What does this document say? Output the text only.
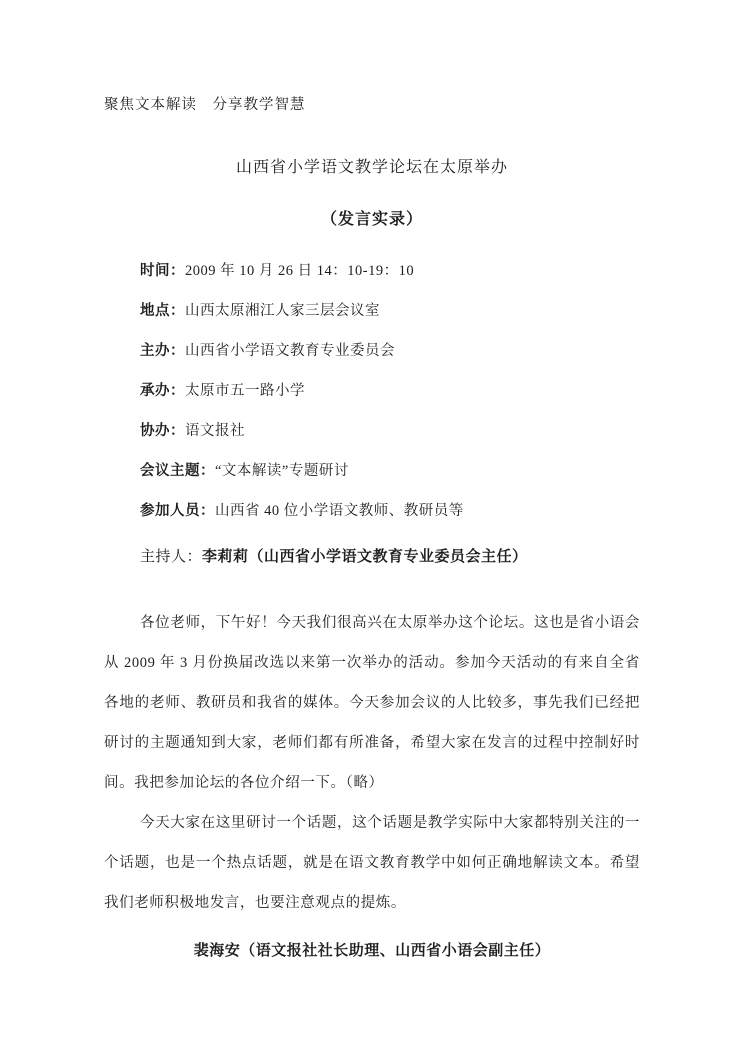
聚焦文本解读　分享教学智慧
山西省小学语文教学论坛在太原举办
（发言实录）
时间：2009 年 10 月 26 日 14：10-19：10
地点：山西太原湘江人家三层会议室
主办：山西省小学语文教育专业委员会
承办：太原市五一路小学
协办：语文报社
会议主题：“文本解读”专题研讨
参加人员：山西省 40 位小学语文教师、教研员等
主持人：李莉莉（山西省小学语文教育专业委员会主任）

各位老师，下午好！今天我们很高兴在太原举办这个论坛。这也是省小语会从 2009 年 3 月份换届改选以来第一次举办的活动。参加今天活动的有来自全省各地的老师、教研员和我省的媒体。今天参加会议的人比较多，事先我们已经把研讨的主题通知到大家，老师们都有所准备，希望大家在发言的过程中控制好时间。我把参加论坛的各位介绍一下。（略）

今天大家在这里研讨一个话题，这个话题是教学实际中大家都特别关注的一个话题，也是一个热点话题，就是在语文教育教学中如何正确地解读文本。希望我们老师积极地发言，也要注意观点的提炼。

裴海安（语文报社社长助理、山西省小语会副主任）
